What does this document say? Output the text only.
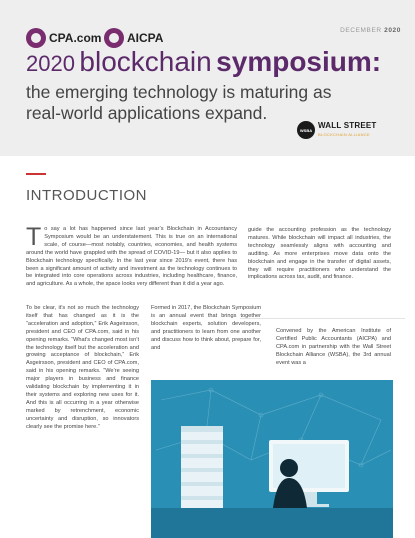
CPA.com AICPA
DECEMBER 2020
2020 blockchain symposium:
the emerging technology is maturing as real-world applications expand.
WSBA WALL STREET
BLOCKCHAIN ALLIANCE
INTRODUCTION
To say a lot has happened since last year’s Blockchain in Accountancy Symposium would be an understatement. This is true on an international scale, of course—most notably, countries, economies, and health systems around the world have grappled with the spread of COVID-19— but it also applies to Blockchain technology specifically. In the last year since 2019’s event, there has been a significant amount of activity and investment as the technology continues to be integrated into core operations across industries, including healthcare, finance, and agriculture. As a whole, the space looks very different than it did a year ago.

guide the accounting profession as the technology matures. While blockchain will impact all industries, the technology seamlessly aligns with accounting and auditing. As more enterprises move data onto the blockchain and engage in the transfer of digital assets, they will require practitioners who understand the implications across tax, audit, and finance.

To be clear, it’s not so much the technology itself that has changed as it is the “acceleration and adoption,” Erik Asgeirsson, president and CEO of CPA.com, said in his opening remarks. “What’s changed most isn’t the technology itself but the acceleration and growing acceptance of blockchain,” Erik Asgeirsson, president and CEO of CPA.com, said in his opening remarks. “We’re seeing major players in business and finance validating blockchain by implementing it in their systems and exploring new uses for it. And this is all occurring in a year otherwise marked by retrenchment, economic uncertainty and disruption, so innovators clearly see the promise here.”

Formed in 2017, the Blockchain Symposium is an annual event that brings together blockchain experts, solution developers, and practitioners to learn from one another and discuss how to think about, prepare for, and

Convened by the American Institute of Certified Public Accountants (AICPA) and CPA.com in partnership with the Wall Street Blockchain Alliance (WSBA), the 3rd annual event was a
